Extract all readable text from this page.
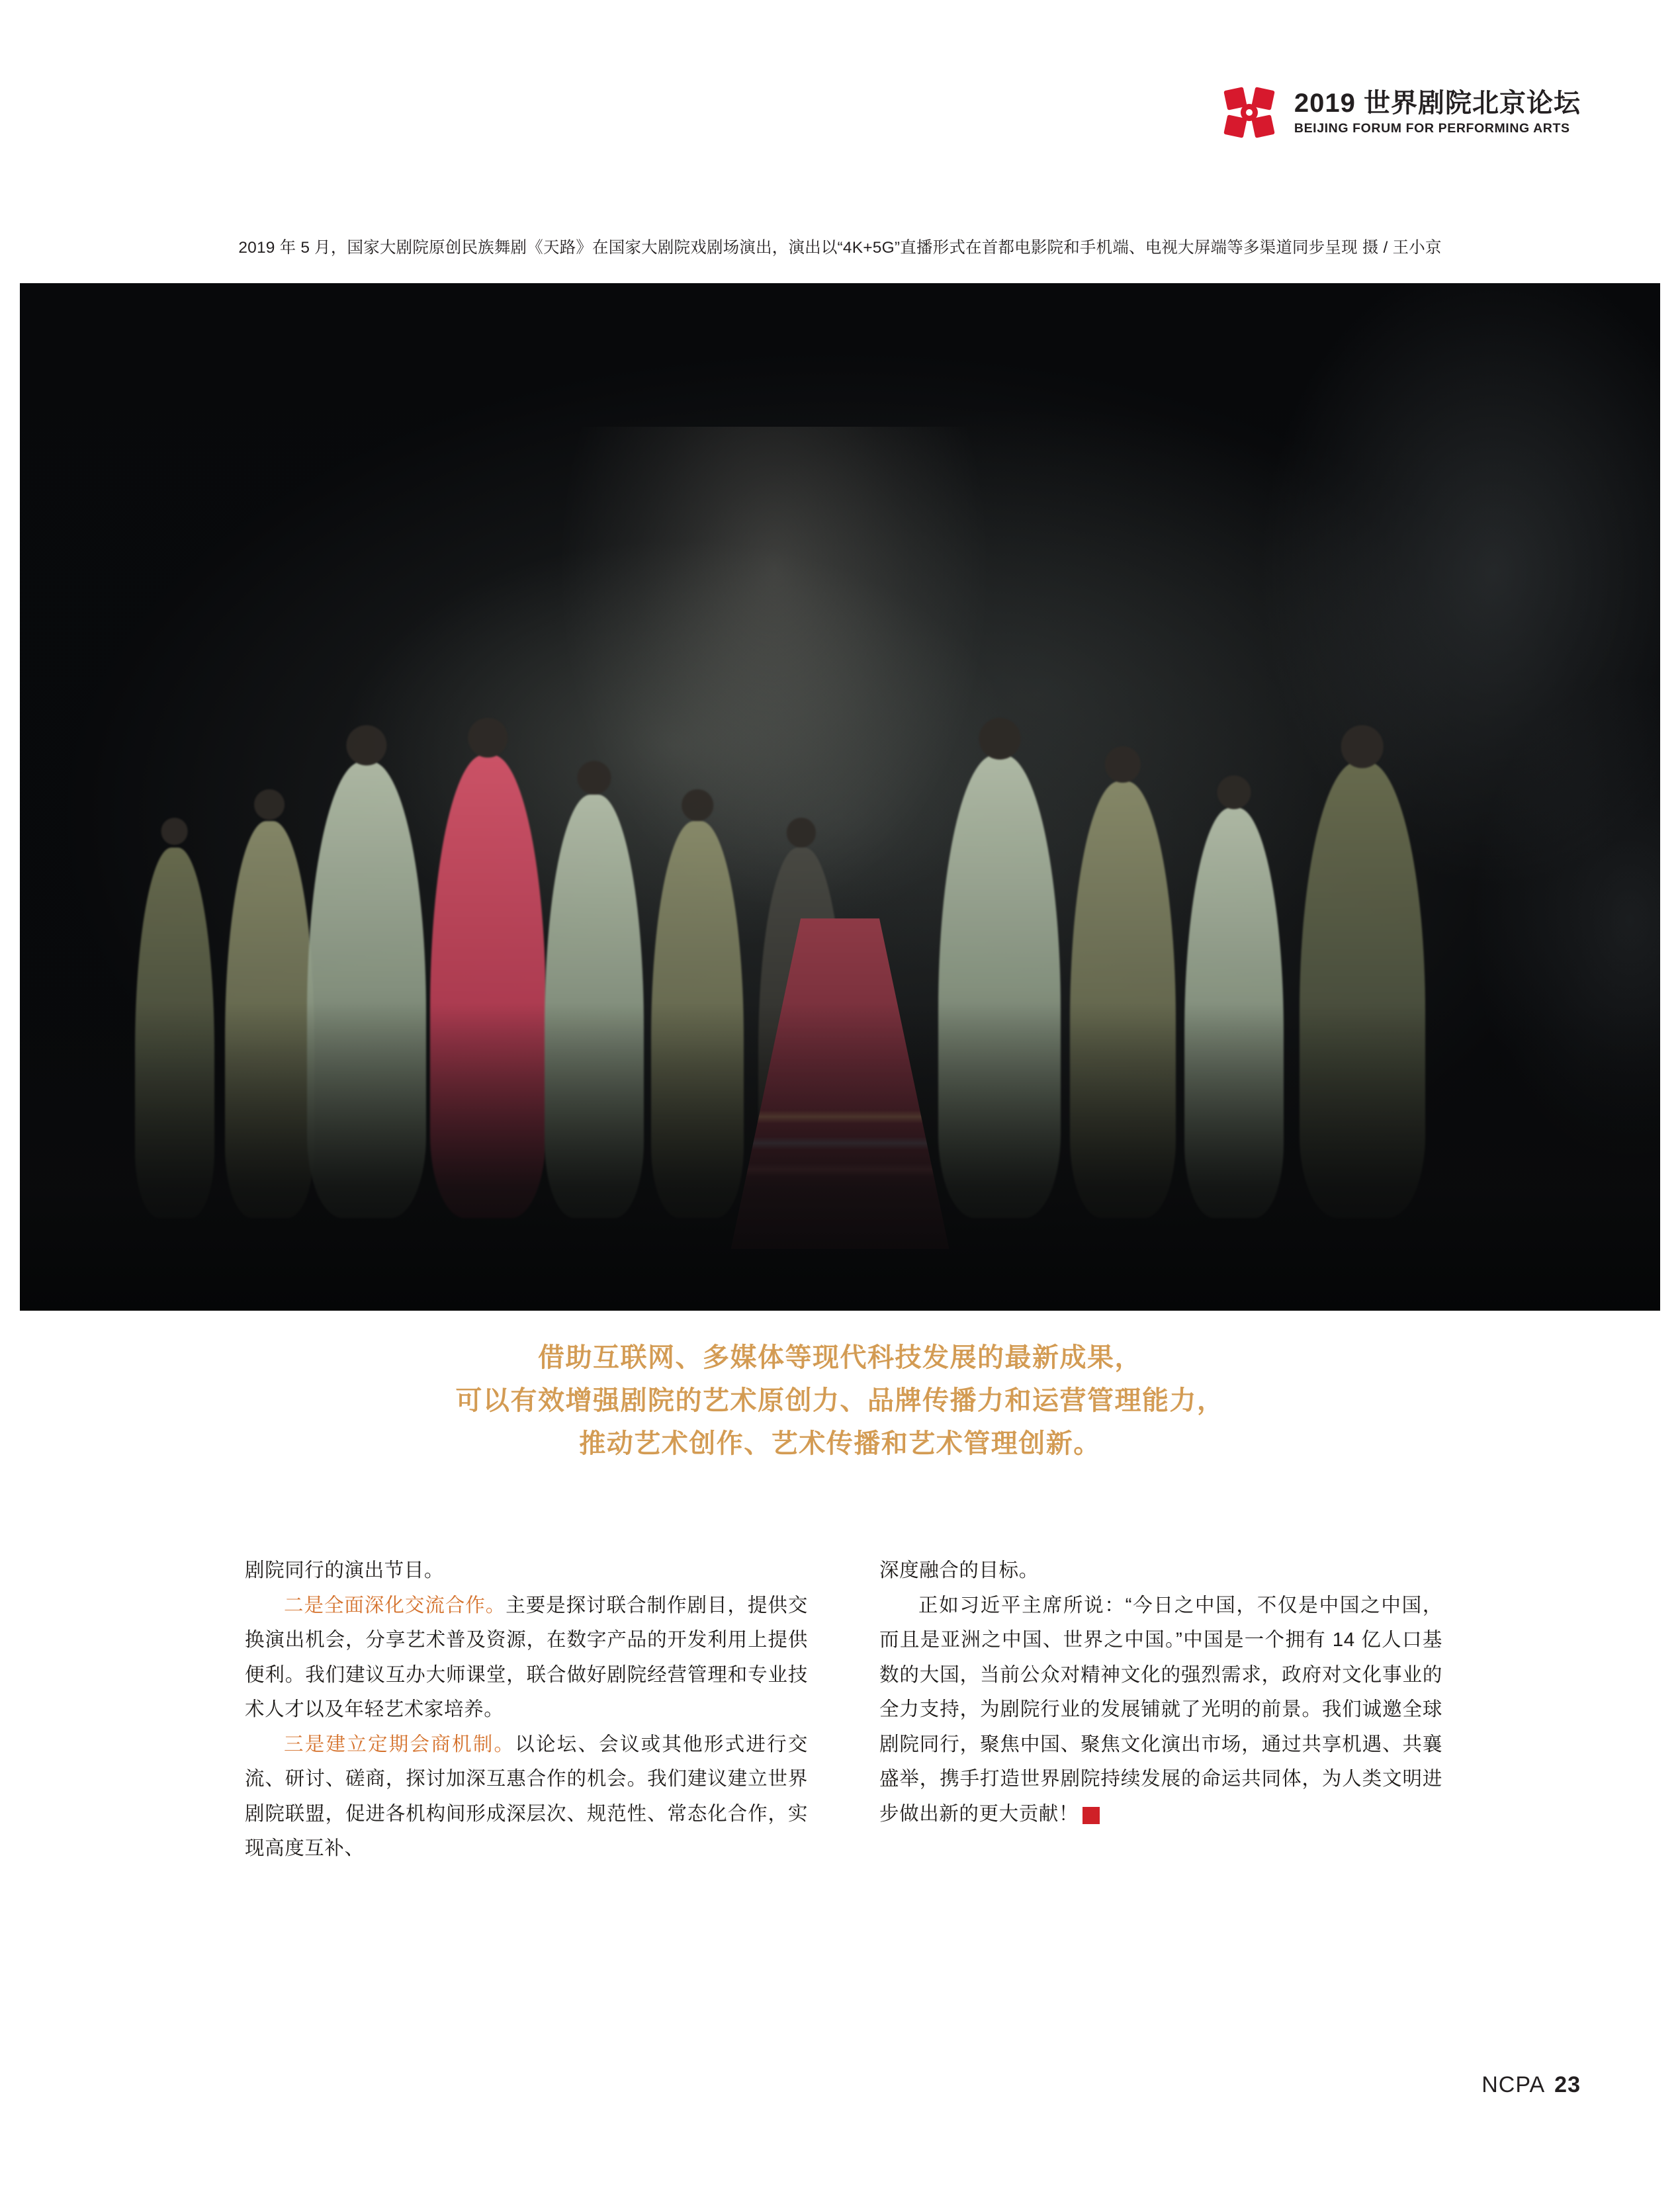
2019 世界剧院北京论坛
BEIJING FORUM FOR PERFORMING ARTS
2019 年 5 月，国家大剧院原创民族舞剧《天路》在国家大剧院戏剧场演出，演出以“4K+5G”直播形式在首都电影院和手机端、电视大屏端等多渠道同步呈现 摄 / 王小京
借助互联网、多媒体等现代科技发展的最新成果，
可以有效增强剧院的艺术原创力、品牌传播力和运营管理能力，
推动艺术创作、艺术传播和艺术管理创新。

剧院同行的演出节目。

二是全面深化交流合作。主要是探讨联合制作剧目，提供交换演出机会，分享艺术普及资源，在数字产品的开发利用上提供便利。我们建议互办大师课堂，联合做好剧院经营管理和专业技术人才以及年轻艺术家培养。

三是建立定期会商机制。以论坛、会议或其他形式进行交流、研讨、磋商，探讨加深互惠合作的机会。我们建议建立世界剧院联盟，促进各机构间形成深层次、规范性、常态化合作，实现高度互补、

深度融合的目标。

正如习近平主席所说：“今日之中国，不仅是中国之中国，而且是亚洲之中国、世界之中国。”中国是一个拥有 14 亿人口基数的大国，当前公众对精神文化的强烈需求，政府对文化事业的全力支持，为剧院行业的发展铺就了光明的前景。我们诚邀全球剧院同行，聚焦中国、聚焦文化演出市场，通过共享机遇、共襄盛举，携手打造世界剧院持续发展的命运共同体，为人类文明进步做出新的更大贡献！	院

NCPA 23
